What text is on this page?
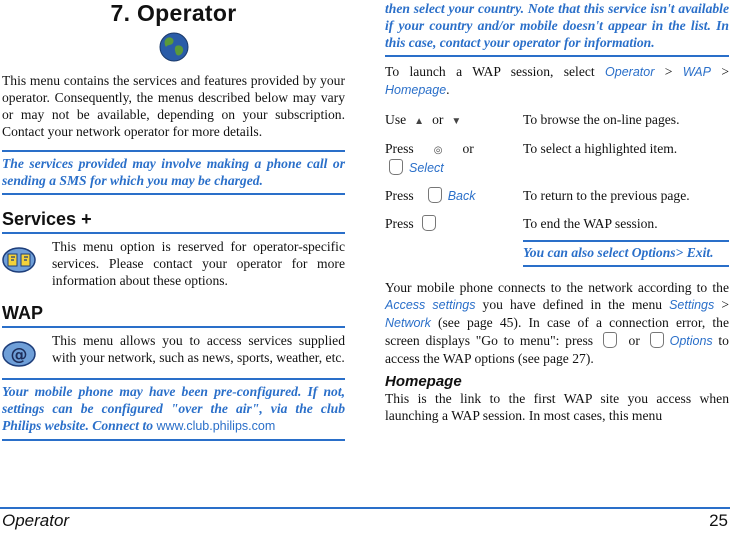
7. Operator

This menu contains the services and features provided by your operator. Consequently, the menus described below may vary or may not be available, depending on your subscription. Contact your network operator for more details.

The services provided may involve making a phone call or sending a SMS for which you may be charged.
Services +

This menu option is reserved for operator-specific services. Please contact your operator for more information about these options.

WAP
@

This menu allows you to access services supplied with your network, such as news, sports, weather, etc.

Your mobile phone may have been pre-configured. If not, settings can be configured "over the air", via the club Philips website. Connect to www.club.philips.com
then select your country. Note that this service isn't available if your country and/or mobile doesn't appear in the list. In this case, contact your operator for information.

To launch a WAP session, select Operator > WAP > Homepage.

Use ▲ or ▼	To browse the on-line pages.
Press ◎ or
Select	To select a highlighted item.
Press Back	To return to the previous page.
Press	To end the WAP session.
You can also select Options> Exit.

Your mobile phone connects to the network according to the Access settings you have defined in the menu Settings > Network (see page 45). In case of a connection error, the screen displays "Go to menu": press  or Options to access the WAP options (see page 27).

Homepage

This is the link to the first WAP site you access when launching a WAP session. In most cases, this menu

Operator	25
